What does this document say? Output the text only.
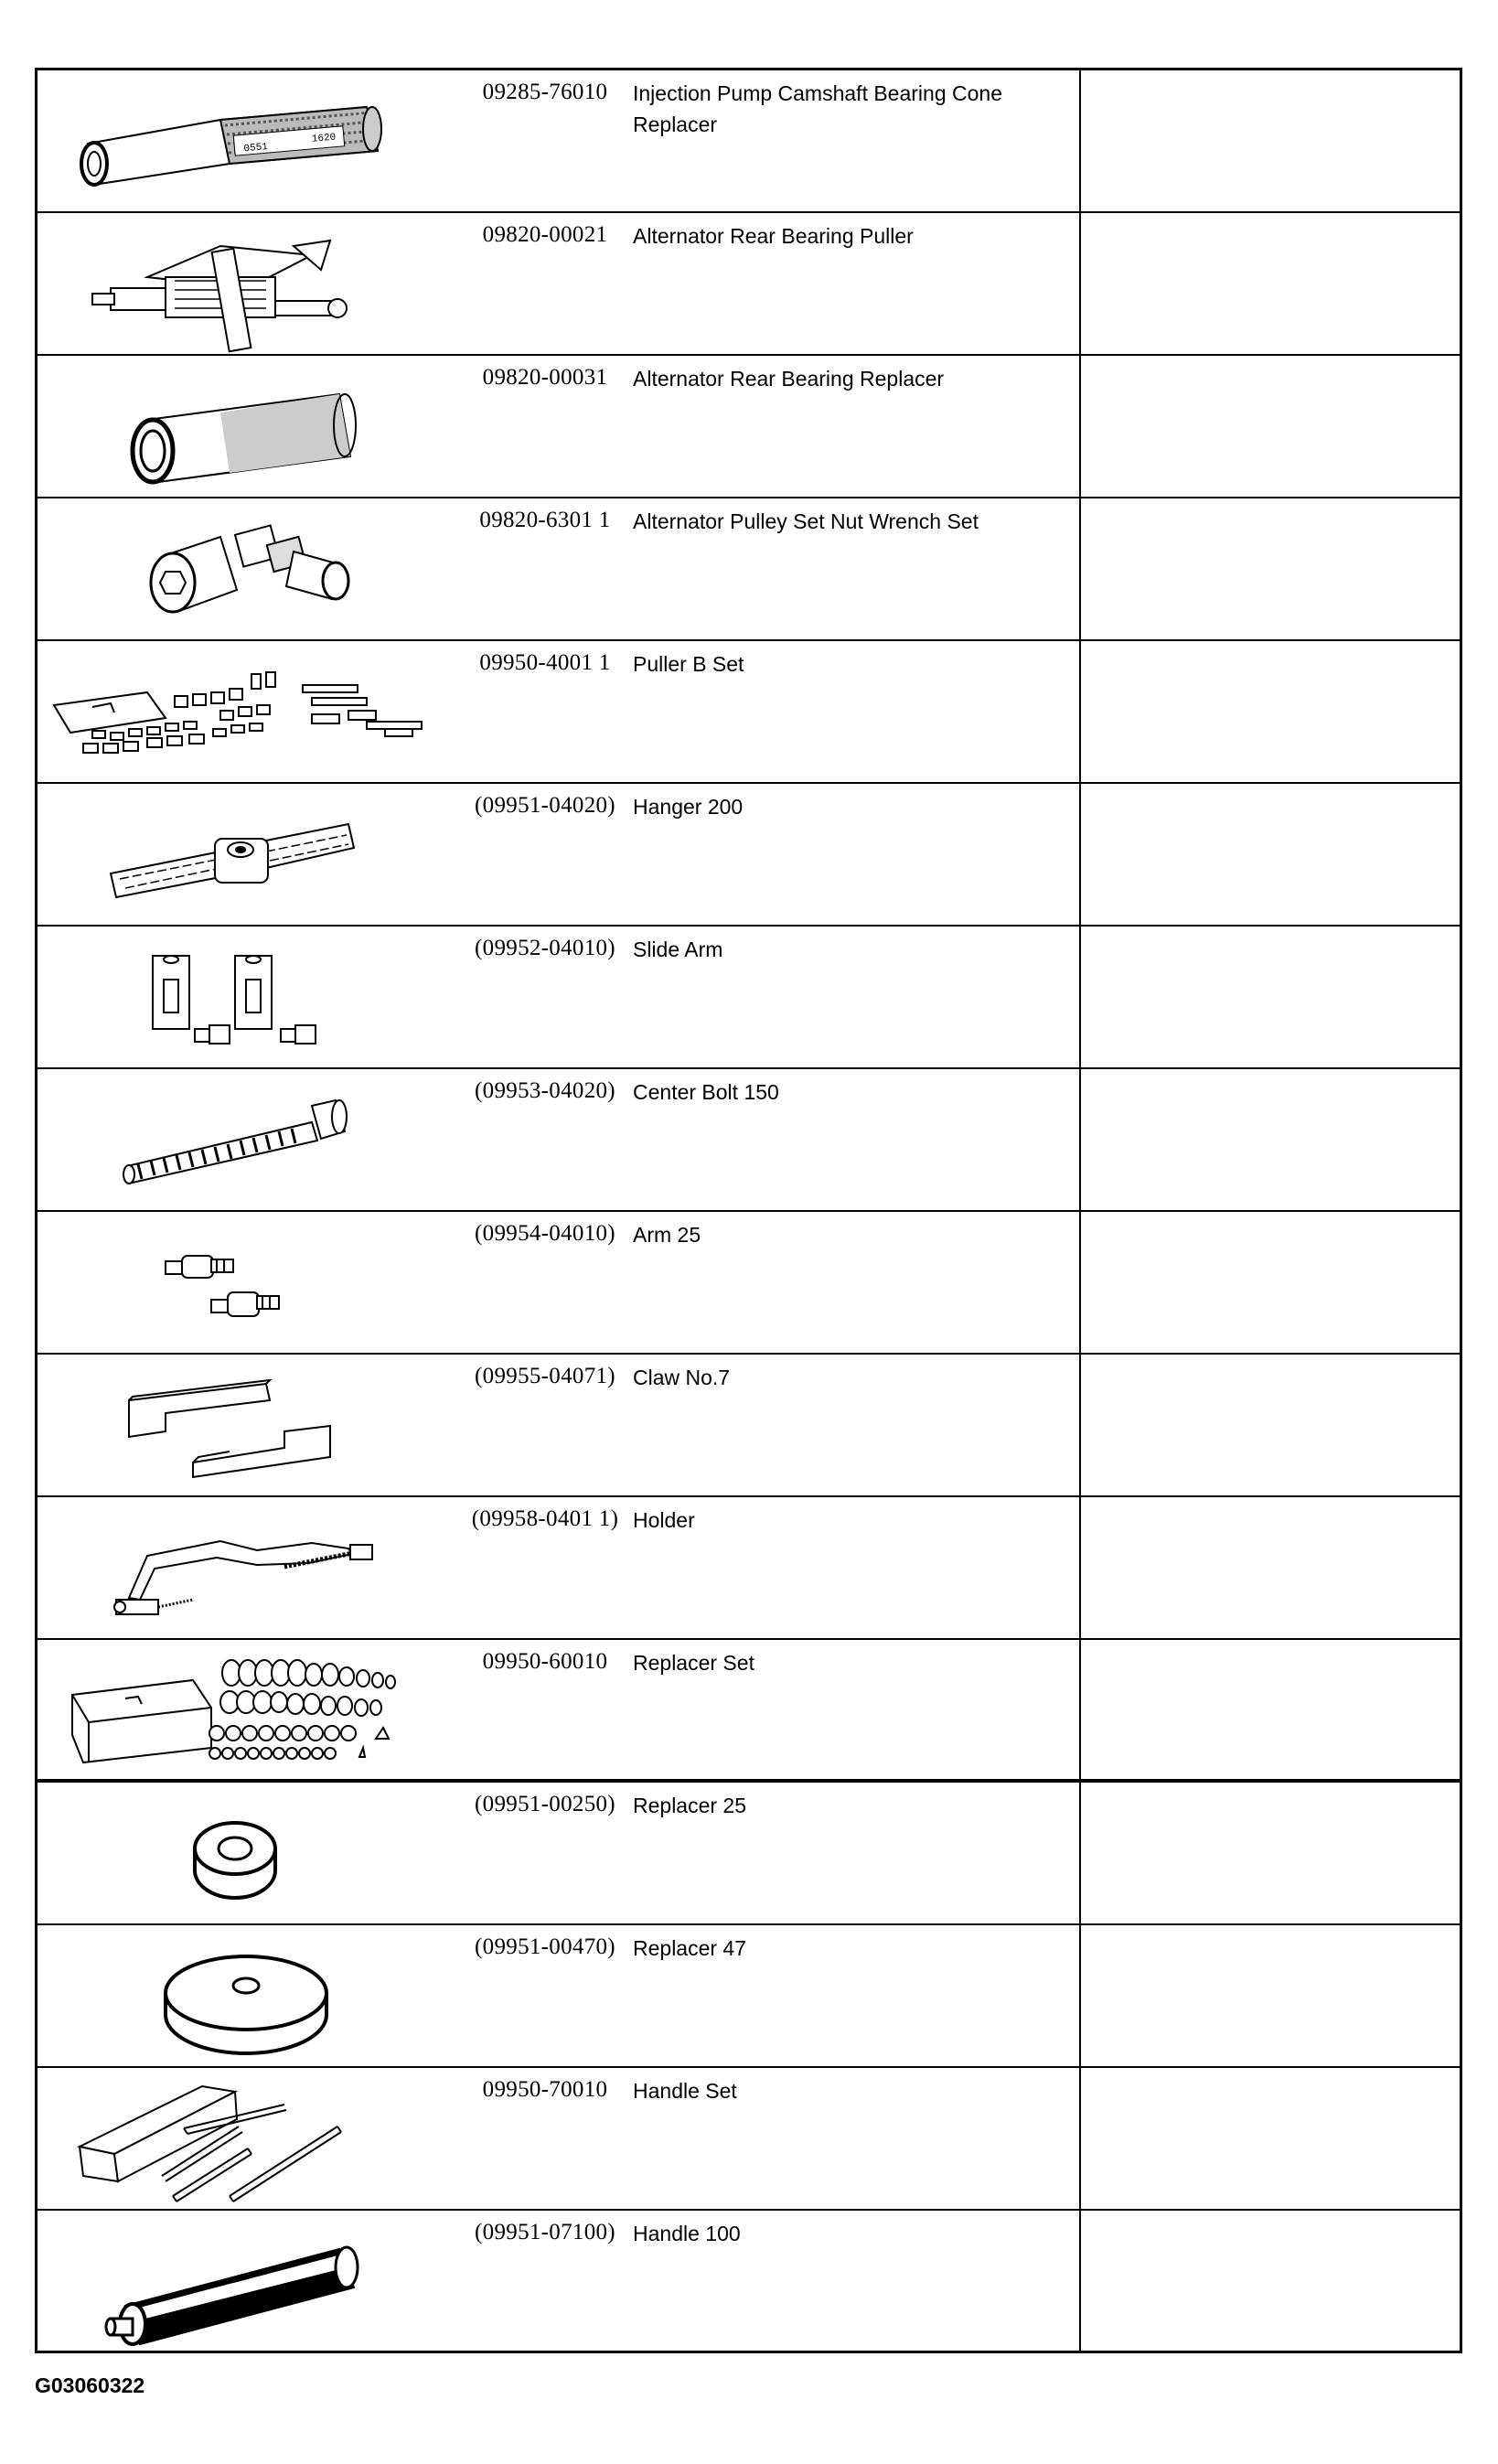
0551
1620
09285-76010	Injection Pump Camshaft Bearing Cone Replacer
09820-00021	Alternator Rear Bearing Puller
09820-00031	Alternator Rear Bearing Replacer
09820-6301 1	Alternator Pulley Set Nut Wrench Set
09950-4001 1	Puller B Set
(09951-04020) Hanger 200
(09952-04010) Slide Arm
(09953-04020) Center Bolt 150
(09954-04010) Arm 25
(09955-04071) Claw No.7
(09958-0401 1) Holder
09950-60010	Replacer Set
(09951-00250) Replacer 25
(09951-00470) Replacer 47
09950-70010	Handle Set
(09951-07100) Handle 100
G03060322
